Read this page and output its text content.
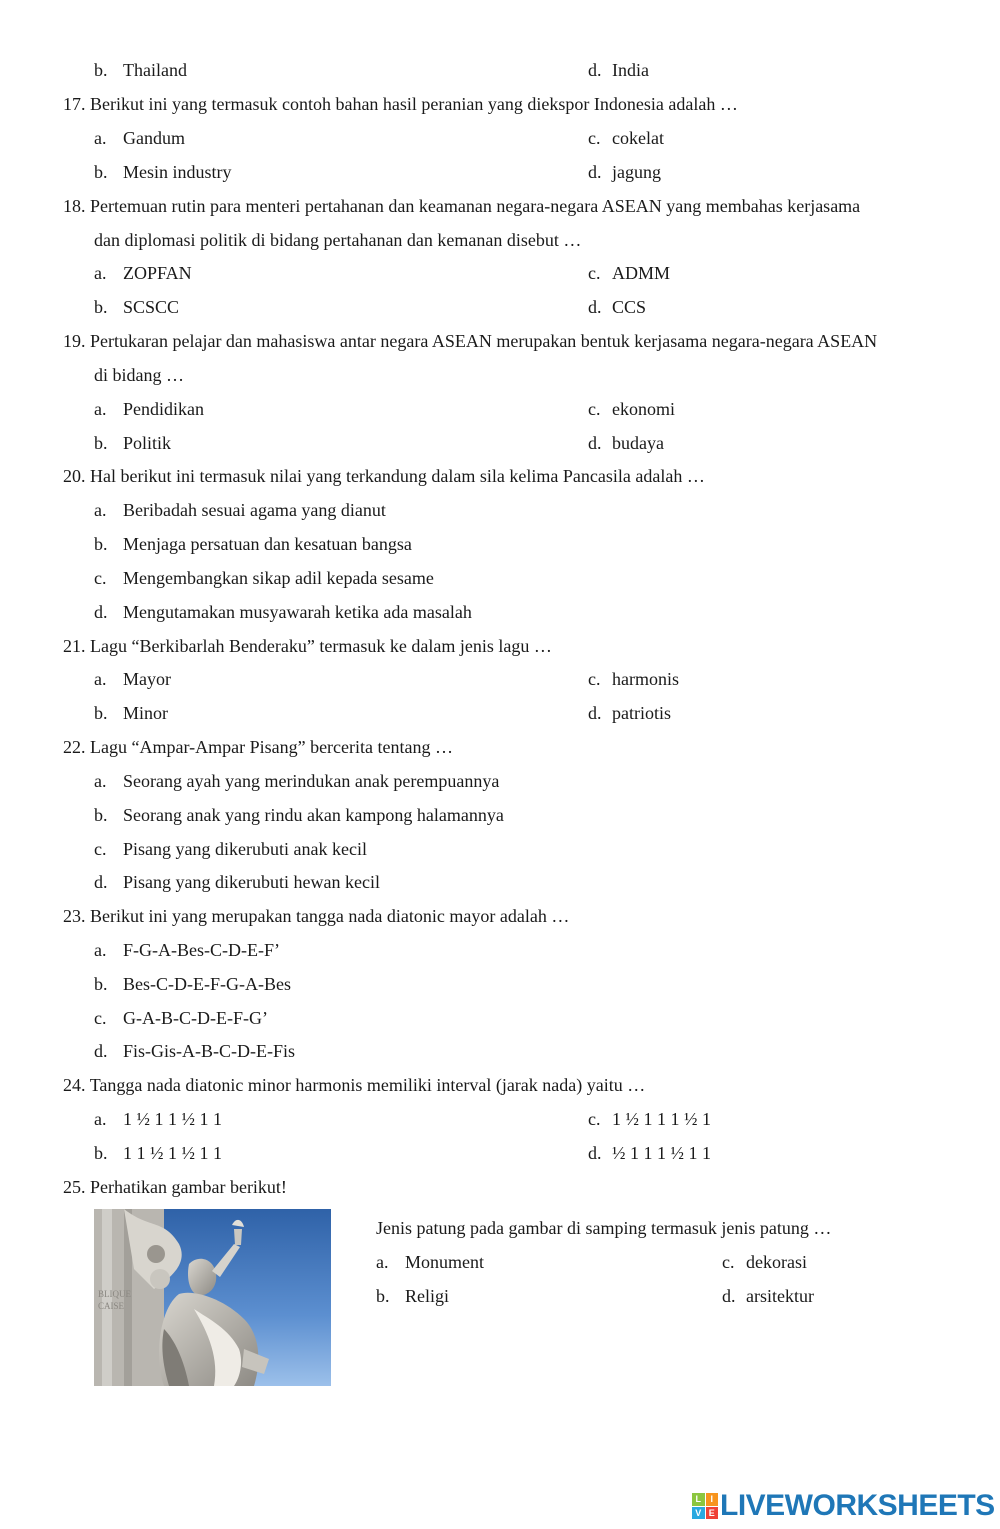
b. Thailand	d. India
17. Berikut ini yang termasuk contoh bahan hasil peranian yang diekspor Indonesia adalah …
a. Gandum	c. cokelat
b. Mesin industry	d. jagung
18. Pertemuan rutin para menteri pertahanan dan keamanan negara-negara ASEAN yang membahas kerjasama
dan diplomasi politik di bidang pertahanan dan kemanan disebut …
a. ZOPFAN	c. ADMM
b. SCSCC	d. CCS
19. Pertukaran pelajar dan mahasiswa antar negara ASEAN merupakan bentuk kerjasama negara-negara ASEAN
di bidang …
a. Pendidikan	c. ekonomi
b. Politik	d. budaya
20. Hal berikut ini termasuk nilai yang terkandung dalam sila kelima Pancasila adalah …
a. Beribadah sesuai agama yang dianut
b. Menjaga persatuan dan kesatuan bangsa
c. Mengembangkan sikap adil kepada sesame
d. Mengutamakan musyawarah ketika ada masalah
21. Lagu “Berkibarlah Benderaku” termasuk ke dalam jenis lagu …
a. Mayor	c. harmonis
b. Minor	d. patriotis
22. Lagu “Ampar-Ampar Pisang” bercerita tentang …
a. Seorang ayah yang merindukan anak perempuannya
b. Seorang anak yang rindu akan kampong halamannya
c. Pisang yang dikerubuti anak kecil
d. Pisang yang dikerubuti hewan kecil
23. Berikut ini yang merupakan tangga nada diatonic mayor adalah …
a. F-G-A-Bes-C-D-E-F’
b. Bes-C-D-E-F-G-A-Bes
c. G-A-B-C-D-E-F-G’
d. Fis-Gis-A-B-C-D-E-Fis
24. Tangga nada diatonic minor harmonis memiliki interval (jarak nada) yaitu …
a. 1 ½ 1 1 ½ 1 1	c. 1 ½ 1 1 1 ½ 1
b. 1 1 ½ 1 ½ 1 1	d. ½ 1 1 1 ½ 1 1
25. Perhatikan gambar berikut!
BLIQUE
CAISE
Jenis patung pada gambar di samping termasuk jenis patung …
a. Monument	c. dekorasi
b. Religi	d. arsitektur
L	I
V E LIVEWORKSHEETS
